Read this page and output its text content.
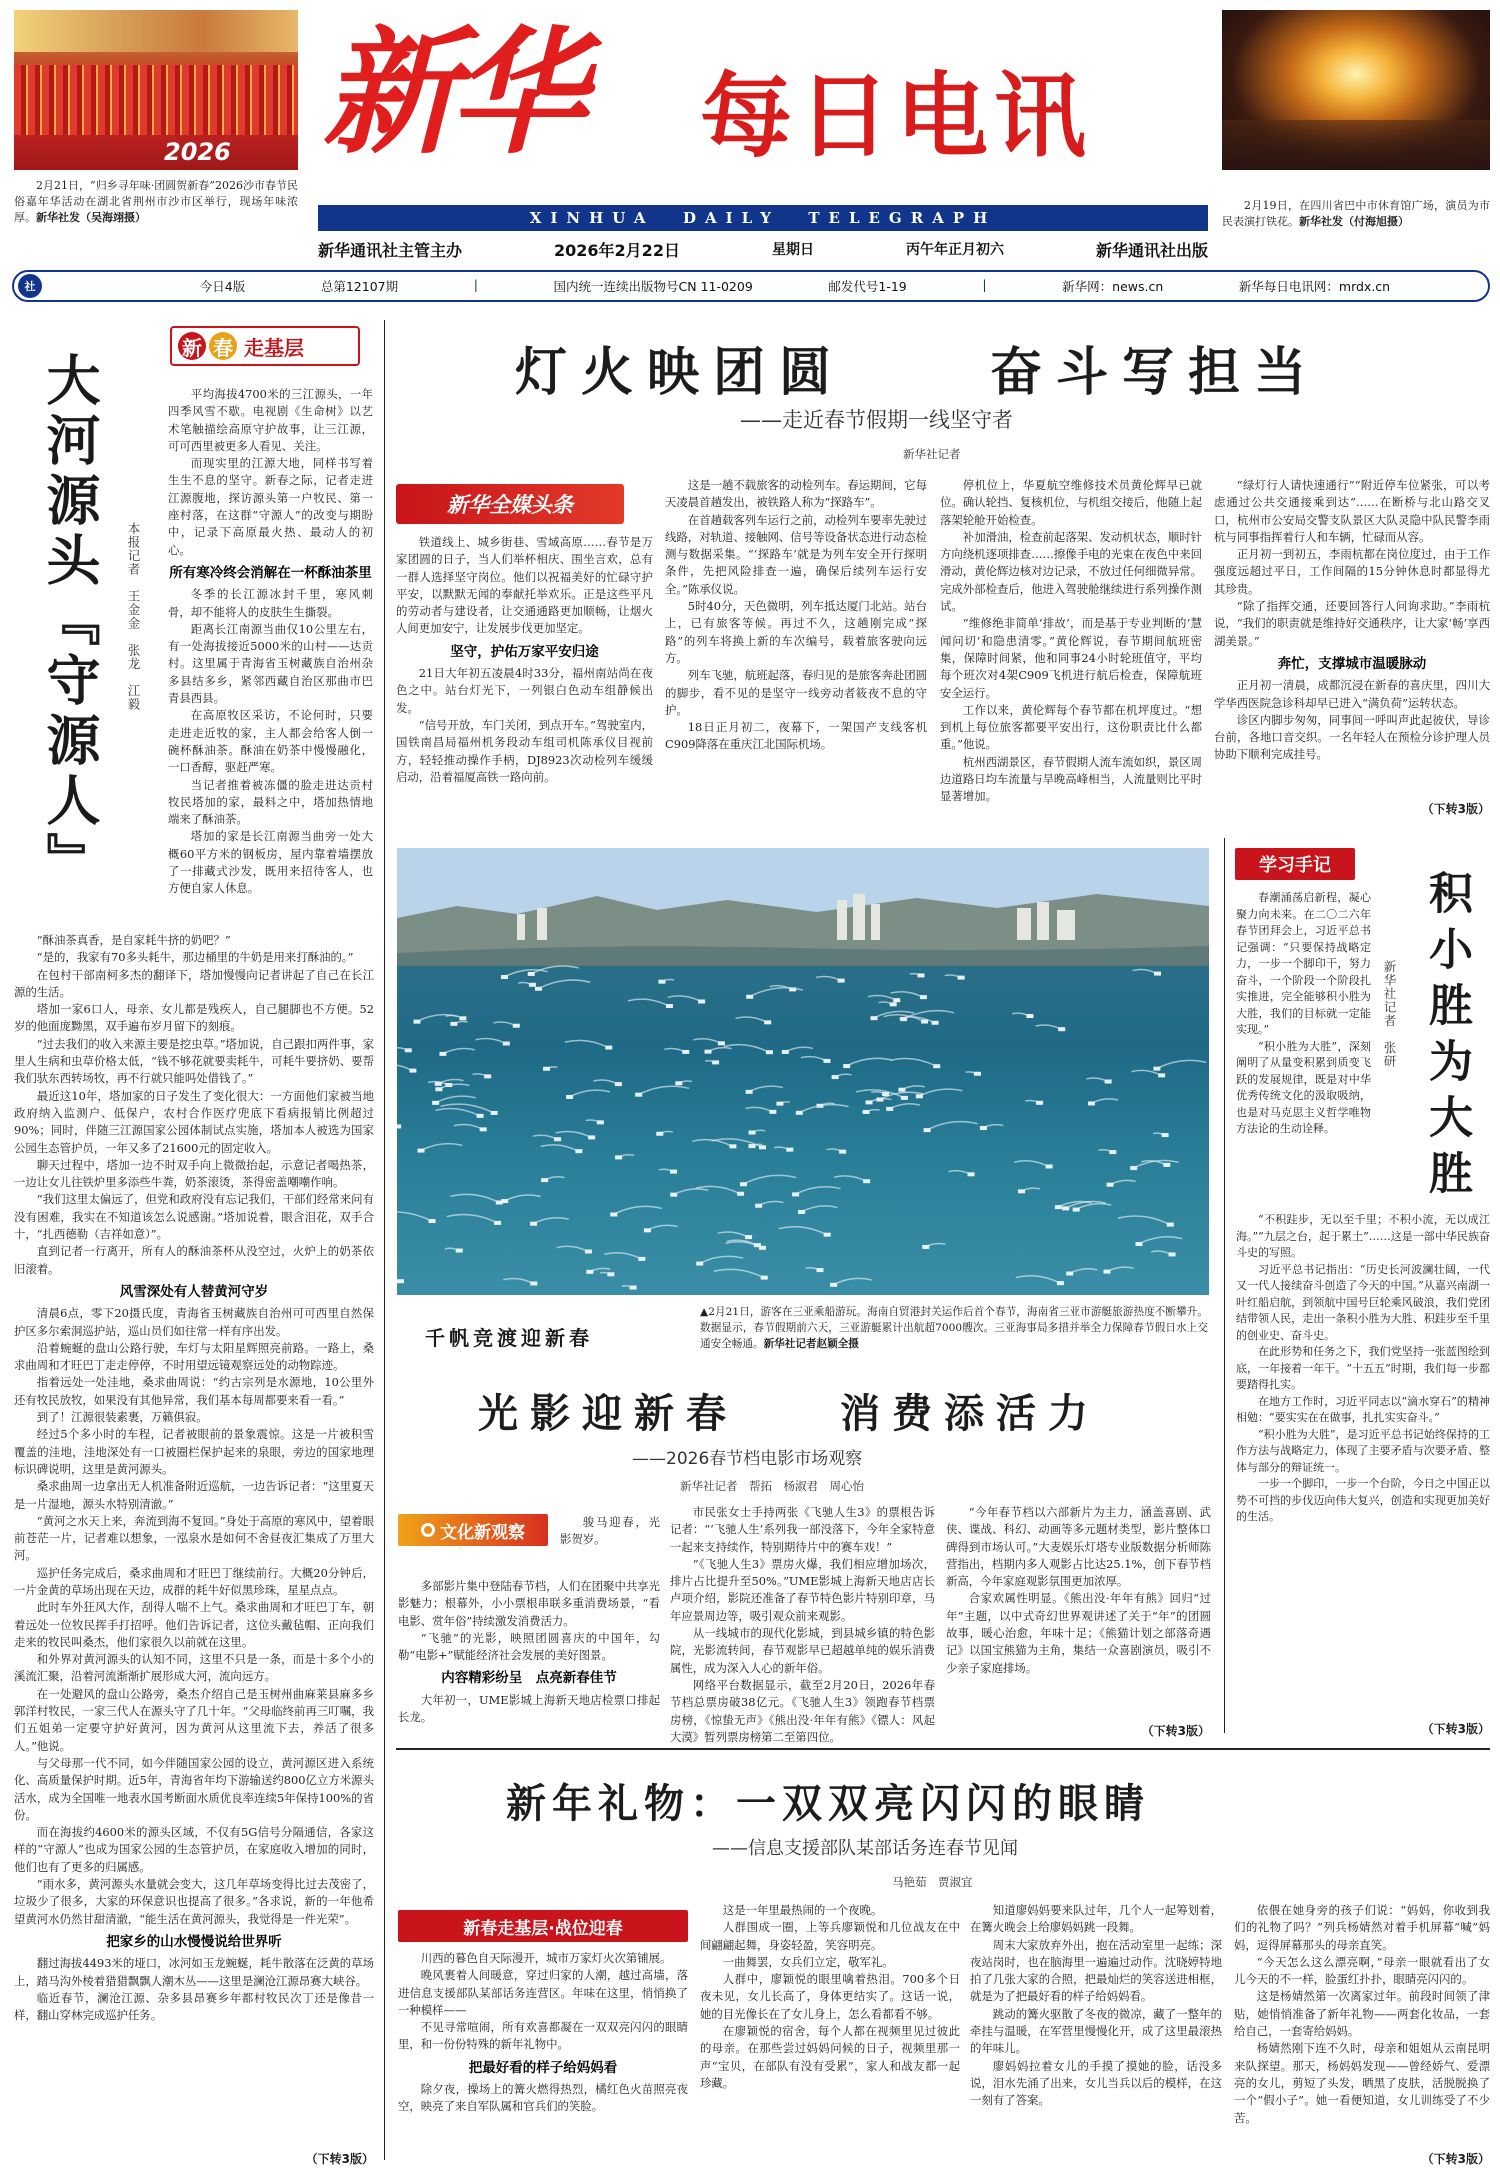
2026
2月21日，“归乡寻年味·团圆贺新春”2026沙市春节民俗嘉年华活动在湖北省荆州市沙市区举行，现场年味浓厚。新华社发（吴海翊摄）
2月19日，在四川省巴中市休育馆广场，演员为市民表演打铁花。新华社发（付海旭摄）
新华 每日电讯
XINHUA  DAILY  TELEGRAPH
新华通讯社主管主办	2026年2月22日	星期日	丙午年正月初六	新华通讯社出版
社	今日4版	总第12107期	|	国内统一连续出版物号CN 11-0209	邮发代号1-19	|	新华网：news.cn	新华每日电讯网：mrdx.cn
大河源头『守源人』 本报记者　王金金　张龙　江毅
新 春 走基层

平均海拔4700米的三江源头，一年四季风雪不歇。电视剧《生命树》以艺术笔触描绘高原守护故事，让三江源，可可西里被更多人看见、关注。

而现实里的江源大地，同样书写着生生不息的坚守。新春之际，记者走进江源腹地，探访源头第一户牧民、第一座村落，在这群“守源人”的改变与期盼中，记录下高原最火热、最动人的初心。

所有寒冷终会消解在一杯酥油茶里

冬季的长江源冰封千里，寒风刺骨，却不能将人的皮肤生生撕裂。

距离长江南源当曲仅10公里左右，有一处海拔接近5000米的山村——达贡村。这里属于青海省玉树藏族自治州杂多县结多乡，紧邻西藏自治区那曲市巴青县西县。

在高原牧区采访，不论何时，只要走进走近牧的家，主人都会给客人倒一碗杯酥油茶。酥油在奶茶中慢慢融化，一口香醇，驱赶严寒。

当记者推着被冻僵的脸走进达贡村牧民塔加的家，最料之中，塔加热情地端来了酥油茶。

塔加的家是长江南源当曲旁一处大概60平方米的钢板房，屋内靠着墙摆放了一排藏式沙发，既用来招待客人，也方便自家人休息。

“酥油茶真香，是自家耗牛挤的奶吧？”

“是的，我家有70多头耗牛，那边桶里的牛奶是用来打酥油的。”

在包村干部南柯多杰的翻译下，塔加慢慢向记者讲起了自己在长江源的生活。

塔加一家6口人，母亲、女儿都是残疾人，自己腿脚也不方便。52岁的他面庞黝黑，双手遍布岁月留下的刻痕。

“过去我们的收入来源主要是挖虫草。”塔加说，自己跟扣两件事，家里人生病和虫草价格太低，“钱不够花就要卖耗牛，可耗牛要挤奶、要帮我们驮东西转场牧，再不行就只能吗处借钱了。”

最近这10年，塔加家的日子发生了变化很大：一方面他们家被当地政府纳入监测户、低保户，农村合作医疗兜底下看病报销比例超过90%；同时，伴随三江源国家公园体制试点实施，塔加本人被选为国家公园生态管护员，一年又多了21600元的固定收入。

聊天过程中，塔加一边不时双手向上微微抬起，示意记者喝热茶，一边让女儿往铁炉里多添些牛粪，奶茶滚烫，茶得密盖嘲嘲作响。

“我们这里太偏远了，但党和政府没有忘记我们，干部们经常来问有没有困难，我实在不知道该怎么说感谢。”塔加说着，眼含泪花，双手合十，“扎西德勒（吉祥如意）”。

直到记者一行离开，所有人的酥油茶杯从没空过，火炉上的奶茶依旧滚着。

风雪深处有人替黄河守岁

清晨6点，零下20摄氏度，青海省玉树藏族自治州可可西里自然保护区多尔索洞巡护站，巡山员们如往常一样有序出发。

沿着蜿蜒的盘山公路行驶，车灯与太阳星辉照亮前路。一路上，桑求曲周和才旺巴丁走走停停，不时用望远镜观察远处的动物踪迹。

指着远处一处洼地，桑求曲周说：“约古宗列是水源地，10公里外还有牧民放牧，如果没有其他异常，我们基本每周都要来看一看。”

到了！江源很装素裹，万籁俱寂。

经过5个多小时的车程，记者被眼前的景象震惊。这是一片被积雪覆盖的洼地，洼地深处有一口被圈栏保护起来的泉眼，旁边的国家地理标识碑说明，这里是黄河源头。

桑求曲周一边拿出无人机准备附近巡航，一边告诉记者：“这里夏天是一片湿地，源头水特别清澈。”

“黄河之水天上来，奔流到海不复回。”身处于高原的寒风中，望着眼前苍茫一片，记者难以想象，一泓泉水是如何不舍昼夜汇集成了万里大河。

巡护任务完成后，桑求曲周和才旺巴丁继续前行。大概20分钟后，一片金黄的草场出现在天边，成群的耗牛好似黑珍珠，星星点点。

此时车外狂风大作，刮得人喘不上气。桑求曲周和才旺巴丁车，朝着远处一位牧民挥手打招呼。他们告诉记者，这位头戴毡帽、正向我们走来的牧民叫桑杰，他们家很久以前就在这里。

和外界对黄河源头的认知不同，这里不只是一条，而是十多个小的溪流汇聚，沿着河流渐渐扩展形成大河，流向远方。

在一处避风的盘山公路旁，桑杰介绍自己是玉树州曲麻莱县麻多乡郭洋村牧民，一家三代人在源头守了几十年。“父母临终前再三叮嘱，我们五姐弟一定要守护好黄河，因为黄河从这里流下去，养活了很多人。”他说。

与父母那一代不同，如今伴随国家公园的设立，黄河源区进入系统化、高质量保护时期。近5年，青海省年均下游输送约800亿立方米源头活水，成为全国唯一地表水国考断面水质优良率连续5年保持100%的省份。

而在海拔约4600米的源头区域，不仅有5G信号分隔通信，各家这样的“守源人”也成为国家公园的生态管护员，在家庭收入增加的同时，他们也有了更多的归属感。

“雨水多，黄河源头水量就会变大，这几年草场变得比过去茂密了，垃圾少了很多，大家的环保意识也提高了很多。”各求说，新的一年他希望黄河水仍然甘甜清澈，“能生活在黄河源头，我觉得是一件光荣”。

把家乡的山水慢慢说给世界听

翻过海拔4493米的垭口，冰河如玉龙蜿蜒，耗牛散落在泛黄的草场上，踏马沟外棱着猎猎飘飘人潮木丛——这里是澜沧江源昂赛大峡谷。

临近春节，澜沧江源、杂多县昂赛乡年都村牧民次丁还是像昔一样，翻山穿林完成巡护任务。

（下转3版）
灯火映团圆	奋斗写担当
——走近春节假期一线坚守者
新华社记者
新华全媒头条

铁道线上、城乡街巷、雪域高原……春节是万家团圆的日子，当人们举杯相庆、围坐言欢，总有一群人选择坚守岗位。他们以祝福美好的忙碌守护平安，以默默无闻的奉献托举欢乐。正是这些平凡的劳动者与建设者，让交通通路更加顺畅，让烟火人间更加安宁，让发展步伐更加坚定。

坚守，护佑万家平安归途

21日大年初五凌晨4时33分，福州南站尚在夜色之中。站台灯光下，一列银白色动车组静候出发。

“信号开放，车门关闭，到点开车。”驾驶室内，国铁南昌局福州机务段动车组司机陈承仪目视前方，轻轻推动操作手柄，DJ8923次动检列车缓缓启动，沿着福厦高铁一路向前。

这是一趟不载旅客的动检列车。春运期间，它每天凌晨首趟发出，被铁路人称为“探路车”。

在首趟载客列车运行之前，动检列车要率先驶过线路，对轨道、接触网、信号等设备状态进行动态检测与数据采集。“‘探路车’就是为列车安全开行探明条件，先把风险排查一遍，确保后续列车运行安全。”陈承仪说。

5时40分，天色微明，列车抵达厦门北站。站台上，已有旅客等候。再过不久，这趟刚完成“探路”的列车将换上新的车次编号，载着旅客驶向远方。

列车飞驰，航班起落，春归见的是旅客奔赴团圆的脚步，看不见的是坚守一线旁动者筱夜不息的守护。

18日正月初二，夜幕下，一架国产支线客机C909降落在重庆江北国际机场。

停机位上，华夏航空维修技术员黄伦辉早已就位。确认轮挡、复核机位，与机组交接后，他随上起落架轮舱开始检查。

补加滑油，检查前起落架、发动机状态，顺时针方向绕机逐项排查……擦像手电的光束在夜色中来回滑动，黄伦辉边核对边记录，不放过任何细微异常。完成外部检查后，他进入驾驶舱继续进行系列操作测试。

“维修绝非简单‘排故’，而是基于专业判断的‘慧闻问切’和隐患清零。”黄伦辉说，春节期间航班密集，保障时间紧，他和同事24小时轮班值守，平均每个班次对4架C909飞机进行航后检查，保障航班安全运行。

工作以来，黄伦辉每个春节都在机坪度过。“想到机上每位旅客都要平安出行，这份职责比什么都重。”他说。

杭州西湖景区，春节假期人流车流如织，景区周边道路日均车流量与旱晚高峰相当，人流量则比平时显著增加。

“绿灯行人请快速通行”“附近停车位紧张，可以考虑通过公共交通接乘到达”……在断桥与北山路交叉口，杭州市公安局交警支队景区大队灵隐中队民警李雨杭与同事指挥着行人和车辆，忙碌而从容。

正月初一到初五，李雨杭都在岗位度过，由于工作强度远超过平日，工作间隔的15分钟休息时都显得尤其珍贵。

“除了指挥交通，还要回答行人问询求助。”李雨杭说，“我们的职责就是维持好交通秩序，让大家‘畅’享西湖美景。”

奔忙，支撑城市温暖脉动

正月初一清晨，成都沉浸在新春的喜庆里，四川大学华西医院急诊科却早已进入“满负荷”运转状态。

诊区内脚步匆匆，同事间一呼叫声此起彼伏，导诊台前，各地口音交织。一名年轻人在预检分诊护理人员协助下顺利完成挂号。

（下转3版）
▲2月21日，游客在三亚乘船游玩。海南自贸港封关运作后首个春节，海南省三亚市游艇旅游热度不断攀升。数据显示，春节假期前六天，三亚游艇累计出航超7000艘次。三亚海事局多措并举全力保障春节假日水上交通安全畅通。新华社记者赵颖全摄
千帆竞渡迎新春
学习手记
积小胜为大胜
新华社记者　张研

春潮涌荡启新程，凝心聚力向未来。在二〇二六年春节团拜会上，习近平总书记强调：“只要保持战略定力，一步一个脚印干，努力奋斗，一个阶段一个阶段扎实推进，完全能够积小胜为大胜，我们的目标就一定能实现。”

“积小胜为大胜”，深刻阐明了从量变积累到质变飞跃的发展规律，既是对中华优秀传统文化的汲取吸纳，也是对马克思主义哲学唯物方法论的生动诠释。

“不积跬步，无以至千里；不积小流，无以成江海。”“九层之台，起于累土”……这是一部中华民族奋斗史的写照。

习近平总书记指出：“历史长河波澜壮阔，一代又一代人接续奋斗创造了今天的中国。”从嘉兴南湖一叶红船启航，到领航中国号巨轮乘风破浪，我们党团结带领人民，走出一条积小胜为大胜、积跬步至千里的创业史、奋斗史。

在此形势和任务之下，我们党坚持一张蓝图绘到底，一年接着一年干。“十五五”时期，我们每一步都要踏得扎实。

在地方工作时，习近平同志以“滴水穿石”的精神相勉：“要实实在在做事，扎扎实实奋斗。”

“积小胜为大胜”，是习近平总书记始终保持的工作方法与战略定力，体现了主要矛盾与次要矛盾、整体与部分的辩证统一。

一步一个脚印，一步一个台阶，今日之中国正以势不可挡的步伐迈向伟大复兴，创造和实现更加美好的生活。

（下转3版）
光影迎新春	消费添活力
——2026春节档电影市场观察
新华社记者　帮拓　杨淑君　周心怡
文化新观察

骏马迎春，光影贺岁。

多部影片集中登陆春节档，人们在团聚中共享光影魅力；根幕外，小小票根串联多重消费场景，“看电影、赏年俗”持续激发消费活力。

“飞驰”的光影，映照团圆喜庆的中国年，勾勒“电影+”赋能经济社会发展的美好图景。

内容精彩纷呈　点亮新春佳节

大年初一，UME影城上海新天地店检票口排起长龙。

市民张女士手持两张《飞驰人生3》的票根告诉记者：“‘飞驰人生’系列我一部没落下，今年全家特意一起来支持续作，特别期待片中的赛车戏！”

“《飞驰人生3》票房火爆，我们相应增加场次，排片占比提升至50%。”UME影城上海新天地店店长卢项介绍，影院还准备了春节特色影片特别印章，马年应景周边等，吸引观众前来观影。

从一线城市的现代化影城，到县城乡镇的特色影院，光影流转间，春节观影早已超越单纯的娱乐消费属性，成为深入人心的新年俗。

网络平台数据显示，截至2月20日，2026年春节档总票房破38亿元。《飞驰人生3》领跑春节档票房榜，《惊蛰无声》《熊出没·年年有熊》《镖人：风起大漠》暂列票房榜第二至第四位。

“今年春节档以六部新片为主力，涵盖喜剧、武侠、谍战、科幻、动画等多元题材类型，影片整体口碑得到市场认可。”大麦娱乐灯塔专业版数据分析师陈营指出，档期内多人观影占比达25.1%，创下春节档新高，今年家庭观影氛围更加浓厚。

合家欢属性明显。《熊出没·年年有熊》回归“过年”主题，以中式奇幻世界观讲述了关于“年”的团圆故事，暖心治愈，年味十足；《熊猫计划之部落奇遇记》以国宝熊猫为主角，集结一众喜剧演员，吸引不少亲子家庭排场。

（下转3版）
新年礼物：一双双亮闪闪的眼睛
——信息支援部队某部话务连春节见闻
马艳茹　贾淑宜
新春走基层·战位迎春

川西的暮色自天际漫开，城市万家灯火次第铺展。

晚风裹着人间暖意，穿过归家的人潮，越过高墙，落进信息支援部队某部话务连营区。年味在这里，悄悄换了一种模样——

不见寻常喧闹，所有欢喜都凝在一双双亮闪闪的眼睛里，和一份份特殊的新年礼物中。

把最好看的样子给妈妈看

除夕夜，操场上的篝火燃得热烈，橘红色火苗照亮夜空，映亮了来自军队属和官兵们的笑脸。

这是一年里最热闹的一个夜晚。

人群围成一圈，上等兵廖颖悦和几位战友在中间翩翩起舞，身姿轻盈，笑容明亮。

一曲舞罢，女兵们立定，敬军礼。

人群中，廖颖悦的眼里噙着热泪。700多个日夜未见，女儿长高了，身体更结实了。这话一说，她的目光像长在了女儿身上，怎么看都看不够。

在廖颖悦的宿舍，每个人都在视频里见过彼此的母亲。在那些尝过妈妈问候的日子，视频里那一声“宝贝，在部队有没有受累”，家人和战友都一起珍藏。

知道廖妈妈要来队过年，几个人一起筹划着，在篝火晚会上给廖妈妈跳一段舞。

周末大家放弃外出，抱在活动室里一起练；深夜站岗时，也在脑海里一遍遍过动作。沈晓婷特地拍了几张大家的合照，把最灿烂的笑容送进相框，就是为了把最好看的样子给妈妈看。

跳动的篝火驱散了冬夜的微凉，藏了一整年的牵挂与温暖，在军营里慢慢化开，成了这里最滚热的年味儿。

廖妈妈拉着女儿的手摸了摸她的脸，话没多说，泪水先涌了出来，女儿当兵以后的模样，在这一刻有了答案。

依偎在她身旁的孩子们说：“妈妈，你收到我们的礼物了吗？”列兵杨婧然对着手机屏幕“喊”妈妈，逗得屏幕那头的母亲直笑。

“今天怎么这么漂亮啊，”母亲一眼就看出了女儿今天的不一样，脸蛋红扑扑，眼睛亮闪闪的。

这是杨婧然第一次离家过年。前段时间领了津贴，她悄悄准备了新年礼物——两套化妆品，一套给自己，一套寄给妈妈。

杨婧然刚下连不久时，母亲和姐姐从云南昆明来队探望。那天，杨妈妈发现——曾经娇气、爱漂亮的女儿，剪短了头发，晒黑了皮肤，活脱脱换了一个“假小子”。她一看便知道，女儿训练受了不少苦。

（下转3版）
